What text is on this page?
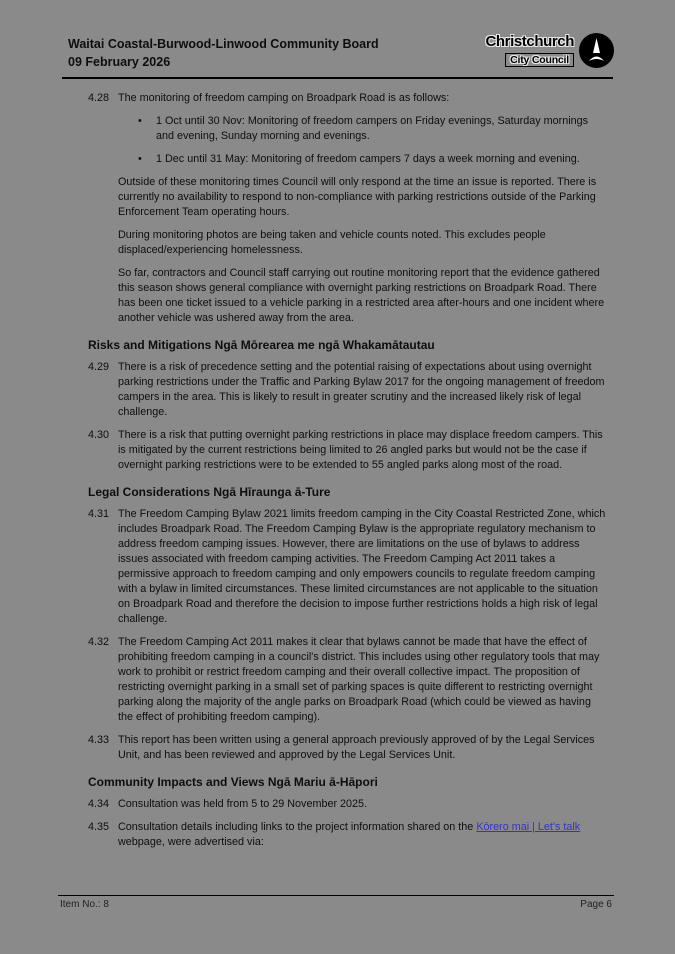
Waitai Coastal-Burwood-Linwood Community Board
09 February 2026
Christchurch
City Council
4.28 The monitoring of freedom camping on Broadpark Road is as follows:
• 1 Oct until 30 Nov: Monitoring of freedom campers on Friday evenings, Saturday mornings and evening, Sunday morning and evenings.
• 1 Dec until 31 May: Monitoring of freedom campers 7 days a week morning and evening.
Outside of these monitoring times Council will only respond at the time an issue is reported. There is currently no availability to respond to non-compliance with parking restrictions outside of the Parking Enforcement Team operating hours.
During monitoring photos are being taken and vehicle counts noted. This excludes people displaced/experiencing homelessness.
So far, contractors and Council staff carrying out routine monitoring report that the evidence gathered this season shows general compliance with overnight parking restrictions on Broadpark Road. There has been one ticket issued to a vehicle parking in a restricted area after-hours and one incident where another vehicle was ushered away from the area.
Risks and Mitigations Ngā Mōrearea me ngā Whakamātautau
4.29 There is a risk of precedence setting and the potential raising of expectations about using overnight parking restrictions under the Traffic and Parking Bylaw 2017 for the ongoing management of freedom campers in the area. This is likely to result in greater scrutiny and the increased likely risk of legal challenge.
4.30 There is a risk that putting overnight parking restrictions in place may displace freedom campers. This is mitigated by the current restrictions being limited to 26 angled parks but would not be the case if overnight parking restrictions were to be extended to 55 angled parks along most of the road.
Legal Considerations Ngā Hīraunga ā-Ture
4.31 The Freedom Camping Bylaw 2021 limits freedom camping in the City Coastal Restricted Zone, which includes Broadpark Road. The Freedom Camping Bylaw is the appropriate regulatory mechanism to address freedom camping issues. However, there are limitations on the use of bylaws to address issues associated with freedom camping activities. The Freedom Camping Act 2011 takes a permissive approach to freedom camping and only empowers councils to regulate freedom camping with a bylaw in limited circumstances. These limited circumstances are not applicable to the situation on Broadpark Road and therefore the decision to impose further restrictions holds a high risk of legal challenge.
4.32 The Freedom Camping Act 2011 makes it clear that bylaws cannot be made that have the effect of prohibiting freedom camping in a council's district. This includes using other regulatory tools that may work to prohibit or restrict freedom camping and their overall collective impact. The proposition of restricting overnight parking in a small set of parking spaces is quite different to restricting overnight parking along the majority of the angle parks on Broadpark Road (which could be viewed as having the effect of prohibiting freedom camping).
4.33 This report has been written using a general approach previously approved of by the Legal Services Unit, and has been reviewed and approved by the Legal Services Unit.
Community Impacts and Views Ngā Mariu ā-Hāpori
4.34 Consultation was held from 5 to 29 November 2025.
4.35 Consultation details including links to the project information shared on the Kōrero mai | Let's talk webpage, were advertised via:
Item No.: 8	Page 6
